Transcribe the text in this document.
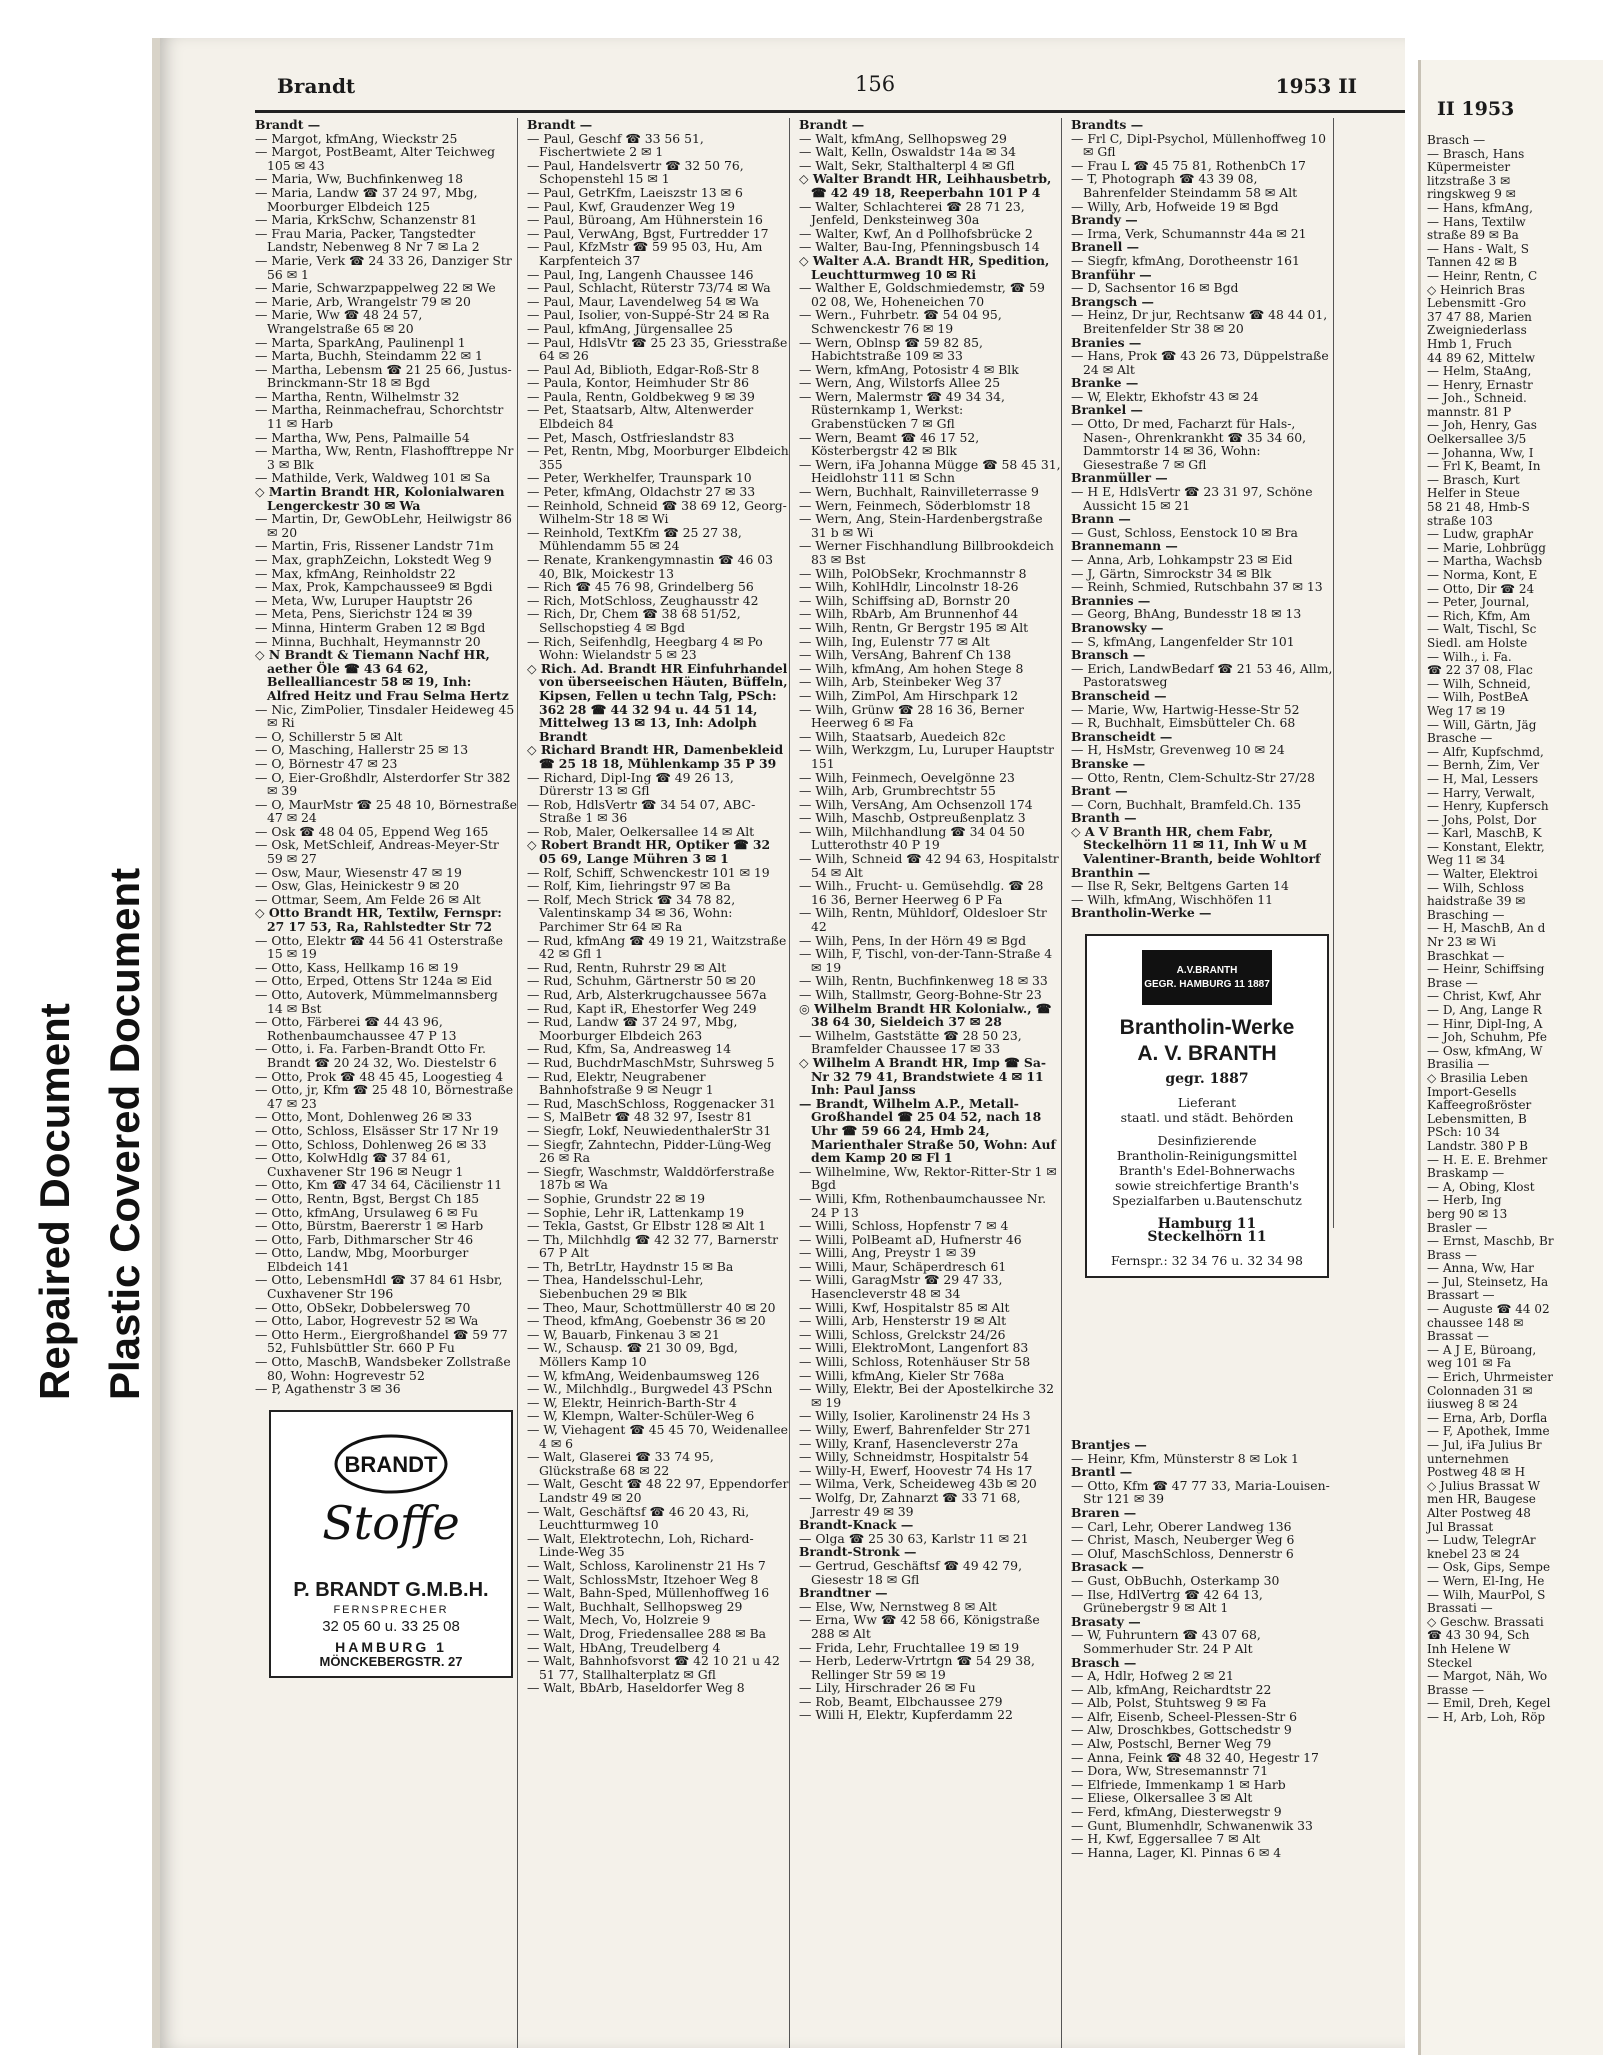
Repaired Document Plastic Covered Document
Brandt	156	1953 II
Brandt —
— Margot, kfmAng, Wieckstr 25
— Margot, PostBeamt, Alter Teichweg 105 ✉ 43
— Maria, Ww, Buchfinkenweg 18
— Maria, Landw ☎ 37 24 97, Mbg, Moorburger Elbdeich 125
— Maria, KrkSchw, Schanzenstr 81
— Frau Maria, Packer, Tangstedter Landstr, Nebenweg 8 Nr 7 ✉ La 2
— Marie, Verk ☎ 24 33 26, Danziger Str 56 ✉ 1
— Marie, Schwarzpappelweg 22 ✉ We
— Marie, Arb, Wrangelstr 79 ✉ 20
— Marie, Ww ☎ 48 24 57, Wrangelstraße 65 ✉ 20
— Marta, SparkAng, Paulinenpl 1
— Marta, Buchh, Steindamm 22 ✉ 1
— Martha, Lebensm ☎ 21 25 66, Justus-Brinckmann-Str 18 ✉ Bgd
— Martha, Rentn, Wilhelmstr 32
— Martha, Reinmachefrau, Schorchtstr 11 ✉ Harb
— Martha, Ww, Pens, Palmaille 54
— Martha, Ww, Rentn, Flashofftreppe Nr 3 ✉ Blk
— Mathilde, Verk, Waldweg 101 ✉ Sa
◇ Martin Brandt HR, Kolonialwaren Lengerckestr 30 ✉ Wa
— Martin, Dr, GewObLehr, Heilwigstr 86 ✉ 20
— Martin, Fris, Rissener Landstr 71m
— Max, graphZeichn, Lokstedt Weg 9
— Max, kfmAng, Reinholdstr 22
— Max, Prok, Kampchaussee9 ✉ Bgdi
— Meta, Ww, Luruper Hauptstr 26
— Meta, Pens, Sierichstr 124 ✉ 39
— Minna, Hinterm Graben 12 ✉ Bgd
— Minna, Buchhalt, Heymannstr 20
◇ N Brandt & Tiemann Nachf HR, aether Öle ☎ 43 64 62, Bellealliancestr 58 ✉ 19, Inh: Alfred Heitz und Frau Selma Hertz
— Nic, ZimPolier, Tinsdaler Heideweg 45 ✉ Ri
— O, Schillerstr 5 ✉ Alt
— O, Masching, Hallerstr 25 ✉ 13
— O, Börnestr 47 ✉ 23
— O, Eier-Großhdlr, Alsterdorfer Str 382 ✉ 39
— O, MaurMstr ☎ 25 48 10, Börnestraße 47 ✉ 24
— Osk ☎ 48 04 05, Eppend Weg 165
— Osk, MetSchleif, Andreas-Meyer-Str 59 ✉ 27
— Osw, Maur, Wiesenstr 47 ✉ 19
— Osw, Glas, Heinickestr 9 ✉ 20
— Ottmar, Seem, Am Felde 26 ✉ Alt
◇ Otto Brandt HR, Textilw, Fernspr: 27 17 53, Ra, Rahlstedter Str 72
— Otto, Elektr ☎ 44 56 41 Osterstraße 15 ✉ 19
— Otto, Kass, Hellkamp 16 ✉ 19
— Otto, Erped, Ottens Str 124a ✉ Eid
— Otto, Autoverk, Mümmelmannsberg 14 ✉ Bst
— Otto, Färberei ☎ 44 43 96, Rothenbaumchaussee 47 P 13
— Otto, i. Fa. Farben-Brandt Otto Fr. Brandt ☎ 20 24 32, Wo. Diestelstr 6
— Otto, Prok ☎ 48 45 45, Loogestieg 4
— Otto, jr, Kfm ☎ 25 48 10, Börnestraße 47 ✉ 23
— Otto, Mont, Dohlenweg 26 ✉ 33
— Otto, Schloss, Elsässer Str 17 Nr 19
— Otto, Schloss, Dohlenweg 26 ✉ 33
— Otto, KolwHdlg ☎ 37 84 61, Cuxhavener Str 196 ✉ Neugr 1
— Otto, Km ☎ 47 34 64, Cäcilienstr 11
— Otto, Rentn, Bgst, Bergst Ch 185
— Otto, kfmAng, Ursulaweg 6 ✉ Fu
— Otto, Bürstm, Baererstr 1 ✉ Harb
— Otto, Farb, Dithmarscher Str 46
— Otto, Landw, Mbg, Moorburger Elbdeich 141
— Otto, LebensmHdl ☎ 37 84 61 Hsbr, Cuxhavener Str 196
— Otto, ObSekr, Dobbelersweg 70
— Otto, Labor, Hogrevestr 52 ✉ Wa
— Otto Herm., Eiergroßhandel ☎ 59 77 52, Fuhlsbüttler Str. 660 P Fu
— Otto, MaschB, Wandsbeker Zollstraße 80, Wohn: Hogrevestr 52
— P, Agathenstr 3 ✉ 36
BRANDT
Stoffe
P. BRANDT G.M.B.H.
FERNSPRECHER
32 05 60 u. 33 25 08
HAMBURG 1
MÖNCKEBERGSTR. 27
Brandt —
— Paul, Geschf ☎ 33 56 51, Fischertwiete 2 ✉ 1
— Paul, Handelsvertr ☎ 32 50 76, Schopenstehl 15 ✉ 1
— Paul, GetrKfm, Laeiszstr 13 ✉ 6
— Paul, Kwf, Graudenzer Weg 19
— Paul, Büroang, Am Hühnerstein 16
— Paul, VerwAng, Bgst, Furtredder 17
— Paul, KfzMstr ☎ 59 95 03, Hu, Am Karpfenteich 37
— Paul, Ing, Langenh Chaussee 146
— Paul, Schlacht, Rüterstr 73/74 ✉ Wa
— Paul, Maur, Lavendelweg 54 ✉ Wa
— Paul, Isolier, von-Suppé-Str 24 ✉ Ra
— Paul, kfmAng, Jürgensallee 25
— Paul, HdlsVtr ☎ 25 23 35, Griesstraße 64 ✉ 26
— Paul Ad, Biblioth, Edgar-Roß-Str 8
— Paula, Kontor, Heimhuder Str 86
— Paula, Rentn, Goldbekweg 9 ✉ 39
— Pet, Staatsarb, Altw, Altenwerder Elbdeich 84
— Pet, Masch, Ostfrieslandstr 83
— Pet, Rentn, Mbg, Moorburger Elbdeich 355
— Peter, Werkhelfer, Traunspark 10
— Peter, kfmAng, Oldachstr 27 ✉ 33
— Reinhold, Schneid ☎ 38 69 12, Georg-Wilhelm-Str 18 ✉ Wi
— Reinhold, TextKfm ☎ 25 27 38, Mühlendamm 55 ✉ 24
— Renate, Krankengymnastin ☎ 46 03 40, Blk, Moickestr 13
— Rich ☎ 45 76 98, Grindelberg 56
— Rich, MotSchloss, Zeughausstr 42
— Rich, Dr, Chem ☎ 38 68 51/52, Sellschopstieg 4 ✉ Bgd
— Rich, Seifenhdlg, Heegbarg 4 ✉ Po Wohn: Wielandstr 5 ✉ 23
◇ Rich. Ad. Brandt HR Einfuhrhandel von überseeischen Häuten, Büffeln, Kipsen, Fellen u techn Talg, PSch: 362 28 ☎ 44 32 94 u. 44 51 14, Mittelweg 13 ✉ 13, Inh: Adolph Brandt
◇ Richard Brandt HR, Damenbekleid ☎ 25 18 18, Mühlenkamp 35 P 39
— Richard, Dipl-Ing ☎ 49 26 13, Dürerstr 13 ✉ Gfl
— Rob, HdlsVertr ☎ 34 54 07, ABC-Straße 1 ✉ 36
— Rob, Maler, Oelkersallee 14 ✉ Alt
◇ Robert Brandt HR, Optiker ☎ 32 05 69, Lange Mühren 3 ✉ 1
— Rolf, Schiff, Schwenckestr 101 ✉ 19
— Rolf, Kim, Iiehringstr 97 ✉ Ba
— Rolf, Mech Strick ☎ 34 78 82, Valentinskamp 34 ✉ 36, Wohn: Parchimer Str 64 ✉ Ra
— Rud, kfmAng ☎ 49 19 21, Waitzstraße 42 ✉ Gfl 1
— Rud, Rentn, Ruhrstr 29 ✉ Alt
— Rud, Schuhm, Gärtnerstr 50 ✉ 20
— Rud, Arb, Alsterkrugchaussee 567a
— Rud, Kapt iR, Ehestorfer Weg 249
— Rud, Landw ☎ 37 24 97, Mbg, Moorburger Elbdeich 263
— Rud, Kfm, Sa, Andreasweg 14
— Rud, BuchdrMaschMstr, Suhrsweg 5
— Rud, Elektr, Neugrabener Bahnhofstraße 9 ✉ Neugr 1
— Rud, MaschSchloss, Roggenacker 31
— S, MalBetr ☎ 48 32 97, Isestr 81
— Siegfr, Lokf, NeuwiedenthalerStr 31
— Siegfr, Zahntechn, Pidder-Lüng-Weg 26 ✉ Ra
— Siegfr, Waschmstr, Walddörferstraße 187b ✉ Wa
— Sophie, Grundstr 22 ✉ 19
— Sophie, Lehr iR, Lattenkamp 19
— Tekla, Gastst, Gr Elbstr 128 ✉ Alt 1
— Th, Milchhdlg ☎ 42 32 77, Barnerstr 67 P Alt
— Th, BetrLtr, Haydnstr 15 ✉ Ba
— Thea, Handelsschul-Lehr, Siebenbuchen 29 ✉ Blk
— Theo, Maur, Schottmüllerstr 40 ✉ 20
— Theod, kfmAng, Goebenstr 36 ✉ 20
— W, Bauarb, Finkenau 3 ✉ 21
— W., Schausp. ☎ 21 30 09, Bgd, Möllers Kamp 10
— W, kfmAng, Weidenbaumsweg 126
— W., Milchhdlg., Burgwedel 43 PSchn
— W, Elektr, Heinrich-Barth-Str 4
— W, Klempn, Walter-Schüler-Weg 6
— W, Viehagent ☎ 45 45 70, Weidenallee 4 ✉ 6
— Walt, Glaserei ☎ 33 74 95, Glückstraße 68 ✉ 22
— Walt, Gescht ☎ 48 22 97, Eppendorfer Landstr 49 ✉ 20
— Walt, Geschäftsf ☎ 46 20 43, Ri, Leuchtturmweg 10
— Walt, Elektrotechn, Loh, Richard-Linde-Weg 35
— Walt, Schloss, Karolinenstr 21 Hs 7
— Walt, SchlossMstr, Itzehoer Weg 8
— Walt, Bahn-Sped, Müllenhoffweg 16
— Walt, Buchhalt, Sellhopsweg 29
— Walt, Mech, Vo, Holzreie 9
— Walt, Drog, Friedensallee 288 ✉ Ba
— Walt, HbAng, Treudelberg 4
— Walt, Bahnhofsvorst ☎ 42 10 21 u 42 51 77, Stallhalterplatz ✉ Gfl
— Walt, BbArb, Haseldorfer Weg 8
Brandt —
— Walt, kfmAng, Sellhopsweg 29
— Walt, Kelln, Oswaldstr 14a ✉ 34
— Walt, Sekr, Stalthalterpl 4 ✉ Gfl
◇ Walter Brandt HR, Leihhausbetrb, ☎ 42 49 18, Reeperbahn 101 P 4
— Walter, Schlachterei ☎ 28 71 23, Jenfeld, Denksteinweg 30a
— Walter, Kwf, An d Pollhofsbrücke 2
— Walter, Bau-Ing, Pfenningsbusch 14
◇ Walter A.A. Brandt HR, Spedition, Leuchtturmweg 10 ✉ Ri
— Walther E, Goldschmiedemstr, ☎ 59 02 08, We, Hoheneichen 70
— Wern., Fuhrbetr. ☎ 54 04 95, Schwenckestr 76 ✉ 19
— Wern, Oblnsp ☎ 59 82 85, Habichtstraße 109 ✉ 33
— Wern, kfmAng, Potosistr 4 ✉ Blk
— Wern, Ang, Wilstorfs Allee 25
— Wern, Malermstr ☎ 49 34 34, Rüsternkamp 1, Werkst: Grabenstücken 7 ✉ Gfl
— Wern, Beamt ☎ 46 17 52, Kösterbergstr 42 ✉ Blk
— Wern, iFa Johanna Mügge ☎ 58 45 31, Heidlohstr 111 ✉ Schn
— Wern, Buchhalt, Rainvilleterrasse 9
— Wern, Feinmech, Söderblomstr 18
— Wern, Ang, Stein-Hardenbergstraße 31 b ✉ Wi
— Werner Fischhandlung Billbrookdeich 83 ✉ Bst
— Wilh, PolObSekr, Krochmannstr 8
— Wilh, KohlHdlr, Lincolnstr 18-26
— Wilh, Schiffsing aD, Bornstr 20
— Wilh, RbArb, Am Brunnenhof 44
— Wilh, Rentn, Gr Bergstr 195 ✉ Alt
— Wilh, Ing, Eulenstr 77 ✉ Alt
— Wilh, VersAng, Bahrenf Ch 138
— Wilh, kfmAng, Am hohen Stege 8
— Wilh, Arb, Steinbeker Weg 37
— Wilh, ZimPol, Am Hirschpark 12
— Wilh, Grünw ☎ 28 16 36, Berner Heerweg 6 ✉ Fa
— Wilh, Staatsarb, Auedeich 82c
— Wilh, Werkzgm, Lu, Luruper Hauptstr 151
— Wilh, Feinmech, Oevelgönne 23
— Wilh, Arb, Grumbrechtstr 55
— Wilh, VersAng, Am Ochsenzoll 174
— Wilh, Maschb, Ostpreußenplatz 3
— Wilh, Milchhandlung ☎ 34 04 50 Lutterothstr 40 P 19
— Wilh, Schneid ☎ 42 94 63, Hospitalstr 54 ✉ Alt
— Wilh., Frucht- u. Gemüsehdlg. ☎ 28 16 36, Berner Heerweg 6 P Fa
— Wilh, Rentn, Mühldorf, Oldesloer Str 42
— Wilh, Pens, In der Hörn 49 ✉ Bgd
— Wilh, F, Tischl, von-der-Tann-Straße 4 ✉ 19
— Wilh, Rentn, Buchfinkenweg 18 ✉ 33
— Wilh, Stallmstr, Georg-Bohne-Str 23
◎ Wilhelm Brandt HR Kolonialw., ☎ 38 64 30, Sieldeich 37 ✉ 28
— Wilhelm, Gaststätte ☎ 28 50 23, Bramfelder Chaussee 17 ✉ 33
◇ Wilhelm A Brandt HR, Imp ☎ Sa-Nr 32 79 41, Brandstwiete 4 ✉ 11 Inh: Paul Janss
— Brandt, Wilhelm A.P., Metall-Großhandel ☎ 25 04 52, nach 18 Uhr ☎ 59 66 24, Hmb 24, Marienthaler Straße 50, Wohn: Auf dem Kamp 20 ✉ Fl 1
— Wilhelmine, Ww, Rektor-Ritter-Str 1 ✉ Bgd
— Willi, Kfm, Rothenbaumchaussee Nr. 24 P 13
— Willi, Schloss, Hopfenstr 7 ✉ 4
— Willi, PolBeamt aD, Hufnerstr 46
— Willi, Ang, Preystr 1 ✉ 39
— Willi, Maur, Schäperdresch 61
— Willi, GaragMstr ☎ 29 47 33, Hasencleverstr 48 ✉ 34
— Willi, Kwf, Hospitalstr 85 ✉ Alt
— Willi, Arb, Hensterstr 19 ✉ Alt
— Willi, Schloss, Grelckstr 24/26
— Willi, ElektroMont, Langenfort 83
— Willi, Schloss, Rotenhäuser Str 58
— Willi, kfmAng, Kieler Str 768a
— Willy, Elektr, Bei der Apostelkirche 32 ✉ 19
— Willy, Isolier, Karolinenstr 24 Hs 3
— Willy, Ewerf, Bahrenfelder Str 271
— Willy, Kranf, Hasencleverstr 27a
— Willy, Schneidmstr, Hospitalstr 54
— Willy-H, Ewerf, Hoovestr 74 Hs 17
— Wilma, Verk, Scheideweg 43b ✉ 20
— Wolfg, Dr, Zahnarzt ☎ 33 71 68, Jarrestr 49 ✉ 39
Brandt-Knack —
— Olga ☎ 25 30 63, Karlstr 11 ✉ 21
Brandt-Stronk —
— Gertrud, Geschäftsf ☎ 49 42 79, Giesestr 18 ✉ Gfl
Brandtner —
— Else, Ww, Nernstweg 8 ✉ Alt
— Erna, Ww ☎ 42 58 66, Königstraße 288 ✉ Alt
— Frida, Lehr, Fruchtallee 19 ✉ 19
— Herb, Lederw-Vrtrtgn ☎ 54 29 38, Rellinger Str 59 ✉ 19
— Lily, Hirschrader 26 ✉ Fu
— Rob, Beamt, Elbchaussee 279
— Willi H, Elektr, Kupferdamm 22
Brandts —
— Frl C, Dipl-Psychol, Müllenhoffweg 10 ✉ Gfl
— Frau L ☎ 45 75 81, RothenbCh 17
— T, Photograph ☎ 43 39 08, Bahrenfelder Steindamm 58 ✉ Alt
— Willy, Arb, Hofweide 19 ✉ Bgd
Brandy —
— Irma, Verk, Schumannstr 44a ✉ 21
Branell —
— Siegfr, kfmAng, Dorotheenstr 161
Branführ —
— D, Sachsentor 16 ✉ Bgd
Brangsch —
— Heinz, Dr jur, Rechtsanw ☎ 48 44 01, Breitenfelder Str 38 ✉ 20
Branies —
— Hans, Prok ☎ 43 26 73, Düppelstraße 24 ✉ Alt
Branke —
— W, Elektr, Ekhofstr 43 ✉ 24
Brankel —
— Otto, Dr med, Facharzt für Hals-, Nasen-, Ohrenkrankht ☎ 35 34 60, Dammtorstr 14 ✉ 36, Wohn: Giesestraße 7 ✉ Gfl
Branmüller —
— H E, HdlsVertr ☎ 23 31 97, Schöne Aussicht 15 ✉ 21
Brann —
— Gust, Schloss, Eenstock 10 ✉ Bra
Brannemann —
— Anna, Arb, Lohkampstr 23 ✉ Eid
— J, Gärtn, Simrockstr 34 ✉ Blk
— Reinh, Schmied, Rutschbahn 37 ✉ 13
Brannies —
— Georg, BhAng, Bundesstr 18 ✉ 13
Branowsky —
— S, kfmAng, Langenfelder Str 101
Bransch —
— Erich, LandwBedarf ☎ 21 53 46, Allm, Pastoratsweg
Branscheid —
— Marie, Ww, Hartwig-Hesse-Str 52
— R, Buchhalt, Eimsbütteler Ch. 68
Branscheidt —
— H, HsMstr, Grevenweg 10 ✉ 24
Branske —
— Otto, Rentn, Clem-Schultz-Str 27/28
Brant —
— Corn, Buchhalt, Bramfeld.Ch. 135
Branth —
◇ A V Branth HR, chem Fabr, Steckelhörn 11 ✉ 11, Inh W u M Valentiner-Branth, beide Wohltorf
Branthin —
— Ilse R, Sekr, Beltgens Garten 14
— Wilh, kfmAng, Wischhöfen 11
Brantholin-Werke —
A.V.BRANTH
GEGR. HAMBURG 11 1887
Brantholin-Werke
A. V. BRANTH
gegr. 1887
Lieferant
staatl. und städt. Behörden
Desinfizierende
Brantholin-Reinigungsmittel
Branth's Edel-Bohnerwachs
sowie streichfertige Branth's
Spezialfarben u.Bautenschutz
Hamburg 11
Steckelhörn 11
Fernspr.: 32 34 76 u. 32 34 98
Brantjes —
— Heinr, Kfm, Münsterstr 8 ✉ Lok 1
Brantl —
— Otto, Kfm ☎ 47 77 33, Maria-Louisen-Str 121 ✉ 39
Braren —
— Carl, Lehr, Oberer Landweg 136
— Christ, Masch, Neuberger Weg 6
— Oluf, MaschSchloss, Dennerstr 6
Brasack —
— Gust, ObBuchh, Osterkamp 30
— Ilse, HdlVertrg ☎ 42 64 13, Grünebergstr 9 ✉ Alt 1
Brasaty —
— W, Fuhruntern ☎ 43 07 68, Sommerhuder Str. 24 P Alt
Brasch —
— A, Hdlr, Hofweg 2 ✉ 21
— Alb, kfmAng, Reichardtstr 22
— Alb, Polst, Stuhtsweg 9 ✉ Fa
— Alfr, Eisenb, Scheel-Plessen-Str 6
— Alw, Droschkbes, Gottschedstr 9
— Alw, Postschl, Berner Weg 79
— Anna, Feink ☎ 48 32 40, Hegestr 17
— Dora, Ww, Stresemannstr 71
— Elfriede, Immenkamp 1 ✉ Harb
— Eliese, Olkersallee 3 ✉ Alt
— Ferd, kfmAng, Diesterwegstr 9
— Gunt, Blumenhdlr, Schwanenwik 33
— H, Kwf, Eggersallee 7 ✉ Alt
— Hanna, Lager, Kl. Pinnas 6 ✉ 4
II 1953
Brasch —
— Brasch, Hans
Küpermeister
litzstraße 3 ✉
ringskweg 9 ✉
— Hans, kfmAng,
— Hans, Textilw
straße 89 ✉ Ba
— Hans - Walt, S
Tannen 42 ✉ B
— Heinr, Rentn, C
◇ Heinrich Bras
Lebensmitt -Gro
37 47 88, Marien
Zweigniederlass
Hmb 1, Fruch
44 89 62, Mittelw
— Helm, StaAng,
— Henry, Ernastr
— Joh., Schneid.
mannstr. 81 P
— Joh, Henry, Gas
Oelkersallee 3/5
— Johanna, Ww, I
— Frl K, Beamt, In
— Brasch, Kurt
Helfer in Steue
58 21 48, Hmb-S
straße 103
— Ludw, graphAr
— Marie, Lohbrügg
— Martha, Wachsb
— Norma, Kont, E
— Otto, Dir ☎ 24
— Peter, Journal,
— Rich, Kfm, Am
— Walt, Tischl, Sc
Siedl. am Holste
— Wilh., i. Fa.
☎ 22 37 08, Flac
— Wilh, Schneid,
— Wilh, PostBeA
Weg 17 ✉ 19
— Will, Gärtn, Jäg
Brasche —
— Alfr, Kupfschmd,
— Bernh, Zim, Ver
— H, Mal, Lessers
— Harry, Verwalt,
— Henry, Kupfersch
— Johs, Polst, Dor
— Karl, MaschB, K
— Konstant, Elektr,
Weg 11 ✉ 34
— Walter, Elektroi
— Wilh, Schloss
haidstraße 39 ✉
Brasching —
— H, MaschB, An d
Nr 23 ✉ Wi
Braschkat —
— Heinr, Schiffsing
Brase —
— Christ, Kwf, Ahr
— D, Ang, Lange R
— Hinr, Dipl-Ing, A
— Joh, Schuhm, Pfe
— Osw, kfmAng, W
Brasilia —
◇ Brasilia Leben
Import-Gesells
Kaffeegroßröster
Lebensmitten, B
PSch: 10 34
Landstr. 380 P B
— H. E. E. Brehmer
Braskamp —
— A, Obing, Klost
— Herb, Ing
berg 90 ✉ 13
Brasler —
— Ernst, Maschb, Br
Brass —
— Anna, Ww, Har
— Jul, Steinsetz, Ha
Brassart —
— Auguste ☎ 44 02
chaussee 148 ✉
Brassat —
— A J E, Büroang,
weg 101 ✉ Fa
— Erich, Uhrmeister
Colonnaden 31 ✉
iiusweg 8 ✉ 24
— Erna, Arb, Dorfla
— F, Apothek, Imme
— Jul, iFa Julius Br
unternehmen
Postweg 48 ✉ H
◇ Julius Brassat W
men HR, Baugese
Alter Postweg 48
Jul Brassat
— Ludw, TelegrAr
knebel 23 ✉ 24
— Osk, Gips, Sempe
— Wern, El-Ing, He
— Wilh, MaurPol, S
Brassati —
◇ Geschw. Brassati
☎ 43 30 94, Sch
Inh Helene W
Steckel
— Margot, Näh, Wo
Brasse —
— Emil, Dreh, Kegel
— H, Arb, Loh, Röp
